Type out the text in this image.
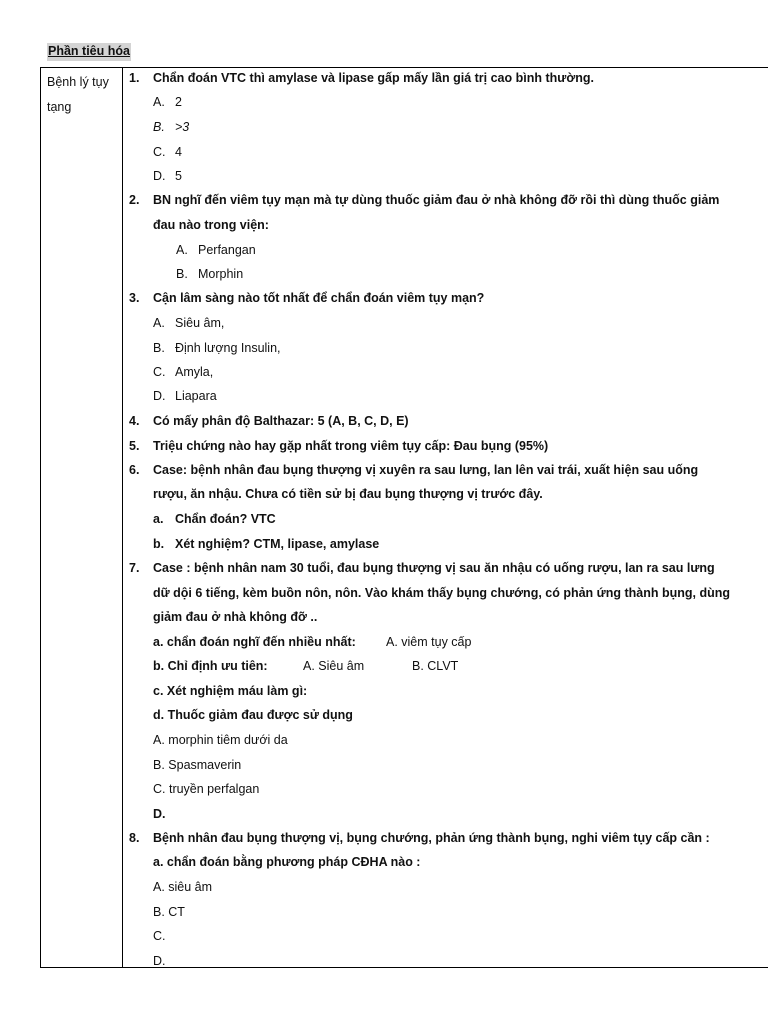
Phần tiêu hóa
Bệnh lý tụy
tạng
1. Chẩn đoán VTC thì amylase và lipase gấp mấy lần giá trị cao bình thường.
A. 2
B. >3
C. 4
D. 5
2. BN nghĩ đến viêm tụy mạn mà tự dùng thuốc giảm đau ở nhà không đỡ rồi thì dùng thuốc giảm
đau nào trong viện:
A. Perfangan
B. Morphin
3. Cận lâm sàng nào tốt nhất để chẩn đoán viêm tụy mạn?
A. Siêu âm,
B. Định lượng Insulin,
C. Amyla,
D. Liapara
4. Có mấy phân độ Balthazar: 5 (A, B, C, D, E)
5. Triệu chứng nào hay gặp nhất trong viêm tụy cấp: Đau bụng (95%)
6. Case: bệnh nhân đau bụng thượng vị xuyên ra sau lưng, lan lên vai trái, xuất hiện sau uống
rượu, ăn nhậu. Chưa có tiền sử bị đau bụng thượng vị trước đây.
a. Chẩn đoán? VTC
b. Xét nghiệm? CTM, lipase, amylase
7. Case : bệnh nhân nam 30 tuổi, đau bụng thượng vị sau ăn nhậu có uống rượu, lan ra sau lưng
dữ dội 6 tiếng, kèm buồn nôn, nôn. Vào khám thấy bụng chướng, có phản ứng thành bụng, dùng
giảm đau ở nhà không đỡ ..
a. chẩn đoán nghĩ đến nhiều nhất: A. viêm tụy cấp
b. Chỉ định ưu tiên:	A. Siêu âm	B. CLVT
c. Xét nghiệm máu làm gì:
d. Thuốc giảm đau được sử dụng
A. morphin tiêm dưới da
B. Spasmaverin
C. truyền perfalgan
D.
8. Bệnh nhân đau bụng thượng vị, bụng chướng, phản ứng thành bụng, nghi viêm tụy cấp cần :
a. chẩn đoán bằng phương pháp CĐHA nào :
A. siêu âm
B. CT
C.
D.
